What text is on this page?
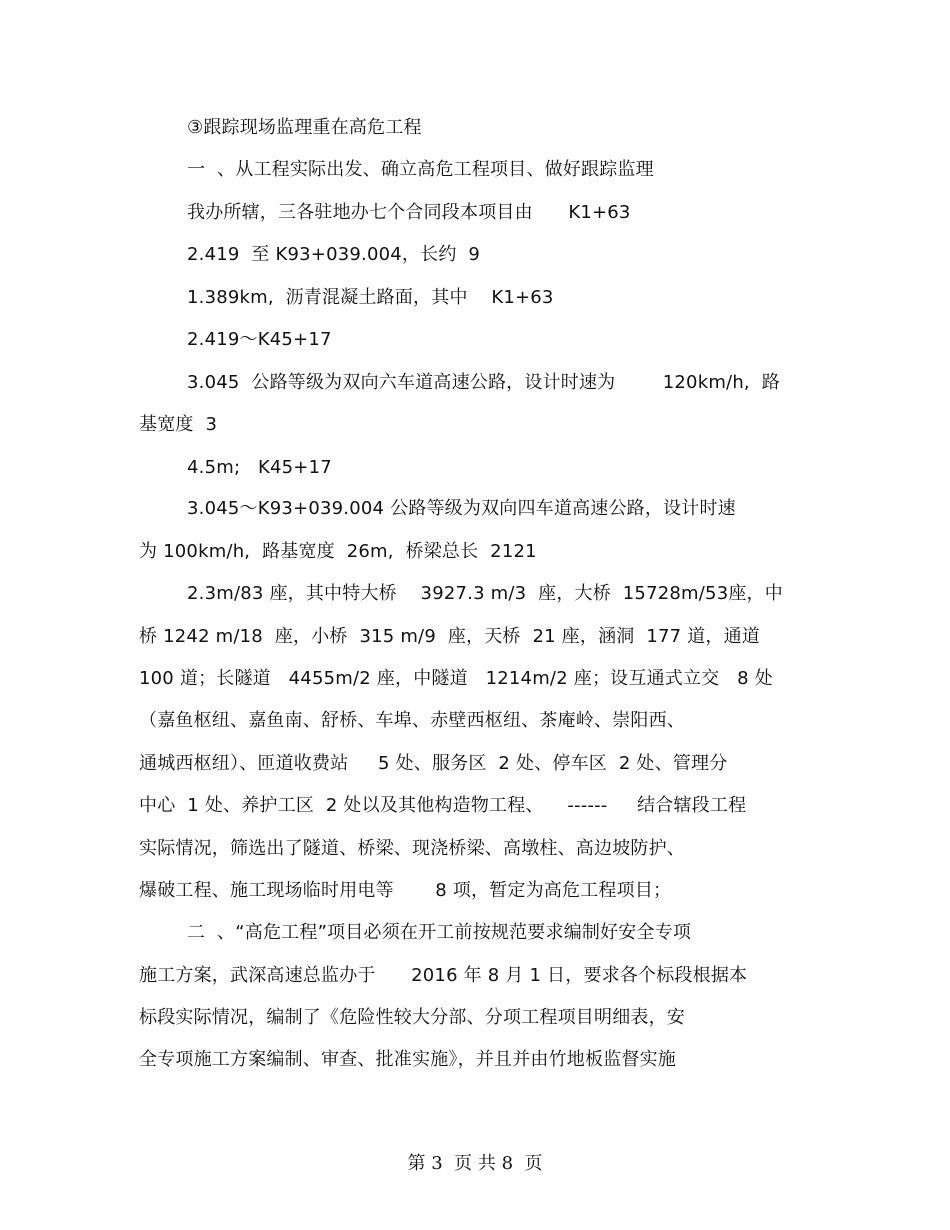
③跟踪现场监理重在高危工程
一  、从工程实际出发、确立高危工程项目、做好跟踪监理
我办所辖，三各驻地办七个合同段本项目由      K1+63
2.419  至 K93+039.004，长约  9
1.389km,  沥青混凝土路面，其中    K1+63
2.419～K45+17
3.045  公路等级为双向六车道高速公路，设计时速为        120km/h,  路
基宽度  3
4.5m;   K45+17
3.045～K93+039.004 公路等级为双向四车道高速公路，设计时速
为 100km/h,  路基宽度  26m,  桥梁总长  2121
2.3m/83 座，其中特大桥    3927.3 m/3  座，大桥  15728m/53座，中
桥 1242 m/18  座，小桥  315 m/9  座，天桥  21 座，涵洞  177 道，通道
100 道；长隧道   4455m/2 座，中隧道   1214m/2 座；设互通式立交   8 处
（嘉鱼枢纽、嘉鱼南、舒桥、车埠、赤壁西枢纽、茶庵岭、崇阳西、
通城西枢纽）、匝道收费站     5 处、服务区  2 处、停车区  2 处、管理分
中心  1 处、养护工区  2 处以及其他构造物工程、    ------     结合辖段工程
实际情况，筛选出了隧道、桥梁、现浇桥梁、高墩柱、高边坡防护、
爆破工程、施工现场临时用电等       8 项，暂定为高危工程项目；
二  、“高危工程”项目必须在开工前按规范要求编制好安全专项
施工方案，武深高速总监办于      2016 年 8 月 1 日，要求各个标段根据本
标段实际情况，编制了《危险性较大分部、分项工程项目明细表，安
全专项施工方案编制、审查、批准实施》，并且并由竹地板监督实施
第 3  页 共 8  页
